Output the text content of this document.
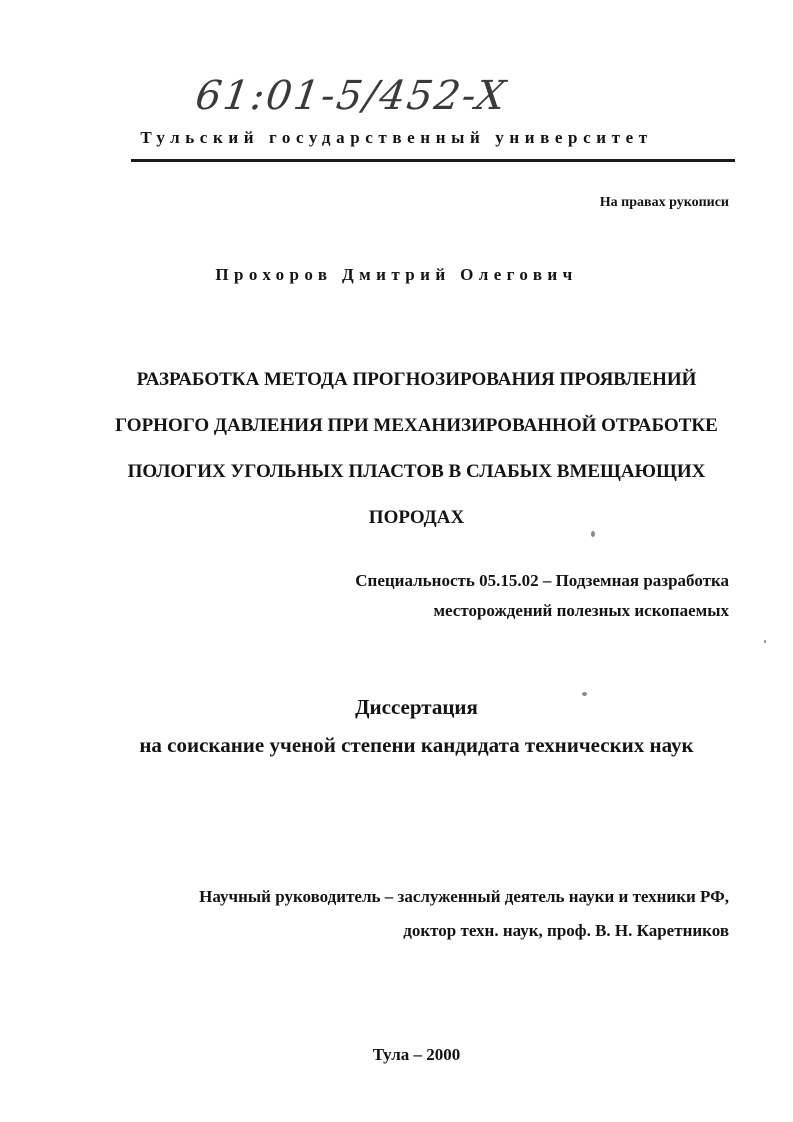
61:01-5/452-X
Тульский государственный университет
На правах рукописи
Прохоров Дмитрий Олегович
РАЗРАБОТКА МЕТОДА ПРОГНОЗИРОВАНИЯ ПРОЯВЛЕНИЙ
ГОРНОГО ДАВЛЕНИЯ ПРИ МЕХАНИЗИРОВАННОЙ ОТРАБОТКЕ
ПОЛОГИХ УГОЛЬНЫХ ПЛАСТОВ В СЛАБЫХ ВМЕЩАЮЩИХ
ПОРОДАХ
Специальность 05.15.02 – Подземная разработка
месторождений полезных ископаемых
Диссертация
на соискание ученой степени кандидата технических наук
Научный руководитель – заслуженный деятель науки и техники РФ,
доктор техн. наук, проф. В. Н. Каретников
Тула – 2000
